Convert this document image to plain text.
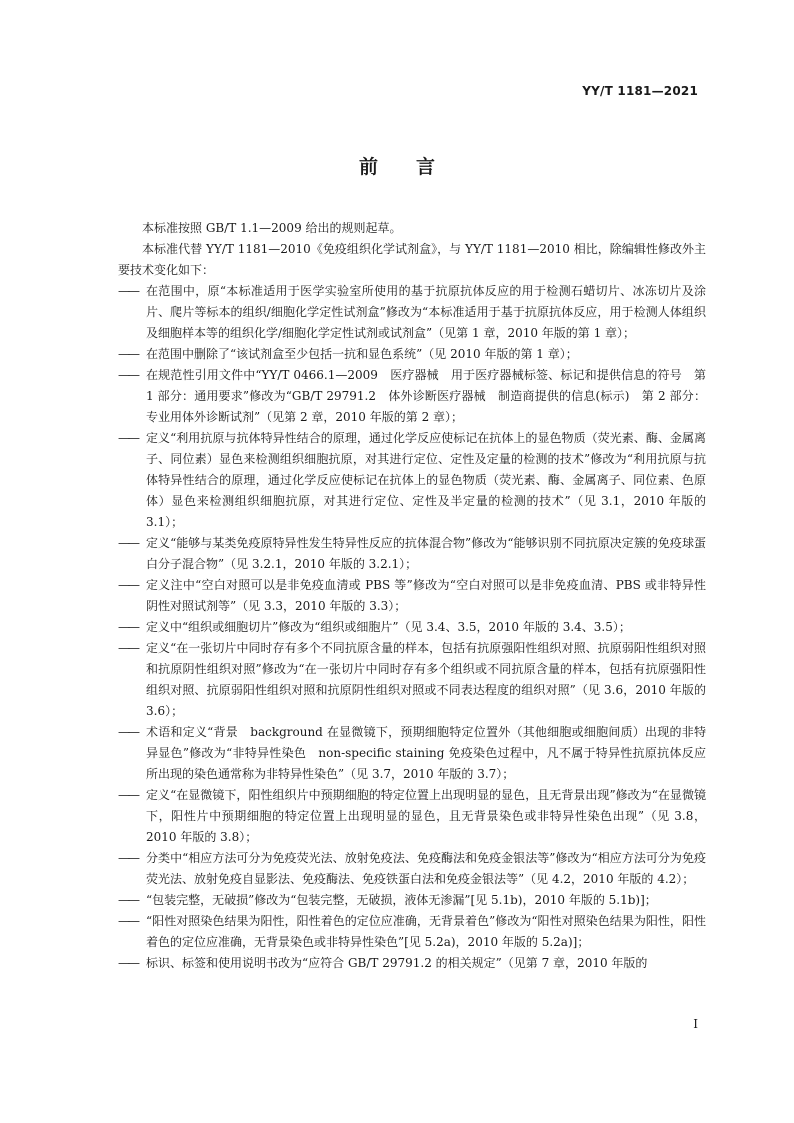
YY/T 1181—2021
前言

本标准按照 GB/T 1.1—2009 给出的规则起草。

本标准代替 YY/T 1181—2010《免疫组织化学试剂盒》，与 YY/T 1181—2010 相比，除编辑性修改外主要技术变化如下：

—— 在范围中，原“本标准适用于医学实验室所使用的基于抗原抗体反应的用于检测石蜡切片、冰冻切片及涂片、爬片等标本的组织/细胞化学定性试剂盒”修改为“本标准适用于基于抗原抗体反应，用于检测人体组织及细胞样本等的组织化学/细胞化学定性试剂或试剂盒”（见第 1 章，2010 年版的第 1 章）；

—— 在范围中删除了“该试剂盒至少包括一抗和显色系统”（见 2010 年版的第 1 章）；

—— 在规范性引用文件中“YY/T 0466.1—2009　医疗器械　用于医疗器械标签、标记和提供信息的符号　第 1 部分：通用要求”修改为“GB/T 29791.2　体外诊断医疗器械　制造商提供的信息(标示)　第 2 部分：专业用体外诊断试剂”（见第 2 章，2010 年版的第 2 章）；

—— 定义“利用抗原与抗体特异性结合的原理，通过化学反应使标记在抗体上的显色物质（荧光素、酶、金属离子、同位素）显色来检测组织细胞抗原，对其进行定位、定性及定量的检测的技术”修改为“利用抗原与抗体特异性结合的原理，通过化学反应使标记在抗体上的显色物质（荧光素、酶、金属离子、同位素、色原体）显色来检测组织细胞抗原，对其进行定位、定性及半定量的检测的技术”（见 3.1，2010 年版的 3.1）；

—— 定义“能够与某类免疫原特异性发生特异性反应的抗体混合物”修改为“能够识别不同抗原决定簇的免疫球蛋白分子混合物”（见 3.2.1，2010 年版的 3.2.1）；

—— 定义注中“空白对照可以是非免疫血清或 PBS 等”修改为“空白对照可以是非免疫血清、PBS 或非特异性阴性对照试剂等”（见 3.3，2010 年版的 3.3）；

—— 定义中“组织或细胞切片”修改为“组织或细胞片”（见 3.4、3.5，2010 年版的 3.4、3.5）；

—— 定义“在一张切片中同时存有多个不同抗原含量的样本，包括有抗原强阳性组织对照、抗原弱阳性组织对照和抗原阴性组织对照”修改为“在一张切片中同时存有多个组织或不同抗原含量的样本，包括有抗原强阳性组织对照、抗原弱阳性组织对照和抗原阴性组织对照或不同表达程度的组织对照”（见 3.6，2010 年版的 3.6）；

—— 术语和定义“背景　background 在显微镜下，预期细胞特定位置外（其他细胞或细胞间质）出现的非特异显色”修改为“非特异性染色　non-specific staining 免疫染色过程中，凡不属于特异性抗原抗体反应所出现的染色通常称为非特异性染色”（见 3.7，2010 年版的 3.7）；

—— 定义“在显微镜下，阳性组织片中预期细胞的特定位置上出现明显的显色，且无背景出现”修改为“在显微镜下，阳性片中预期细胞的特定位置上出现明显的显色，且无背景染色或非特异性染色出现”（见 3.8，2010 年版的 3.8）；

—— 分类中“相应方法可分为免疫荧光法、放射免疫法、免疫酶法和免疫金银法等”修改为“相应方法可分为免疫荧光法、放射免疫自显影法、免疫酶法、免疫铁蛋白法和免疫金银法等”（见 4.2，2010 年版的 4.2）；

—— “包装完整，无破损”修改为“包装完整，无破损，液体无渗漏”[见 5.1b)，2010 年版的 5.1b)]；

—— “阳性对照染色结果为阳性，阳性着色的定位应准确，无背景着色”修改为“阳性对照染色结果为阳性，阳性着色的定位应准确，无背景染色或非特异性染色”[见 5.2a)，2010 年版的 5.2a)]；

—— 标识、标签和使用说明书改为“应符合 GB/T 29791.2 的相关规定”（见第 7 章，2010 年版的

I
